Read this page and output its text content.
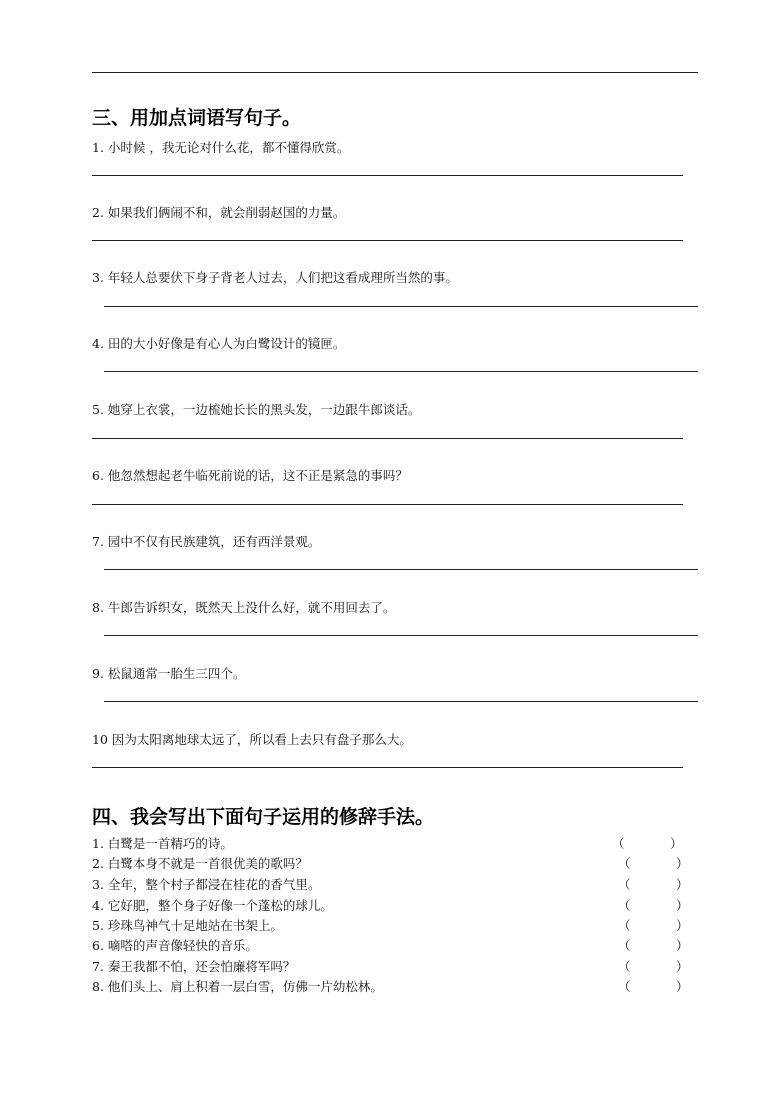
三、用加点词语写句子。
1. 小时候 ，我无论对什么花，都不懂得欣赏。
2. 如果我们俩闹不和，就会削弱赵国的力量。
3. 年轻人总要伏下身子背老人过去，人们把这看成理所当然的事。
4. 田的大小好像是有心人为白鹭设计的镜匣。
5. 她穿上衣裳，一边梳她长长的黑头发，一边跟牛郎谈话。
6. 他忽然想起老牛临死前说的话，这不正是紧急的事吗？
7. 园中不仅有民族建筑，还有西洋景观。
8. 牛郎告诉织女，既然天上没什么好，就不用回去了。
9. 松鼠通常一胎生三四个。
10 因为太阳离地球太远了，所以看上去只有盘子那么大。
四、我会写出下面句子运用的修辞手法。
1. 白鹭是一首精巧的诗。	（	）
2. 白鹭本身不就是一首很优美的歌吗？	（	）
3. 全年，整个村子都浸在桂花的香气里。	（	）
4. 它好肥，整个身子好像一个蓬松的球儿。	（	）
5. 珍珠鸟神气十足地站在书架上。	（	）
6. 嘀嗒的声音像轻快的音乐。	（	）
7. 秦王我都不怕，还会怕廉将军吗？	（	）
8. 他们头上、肩上积着一层白雪，仿佛一片幼松林。	（	）
